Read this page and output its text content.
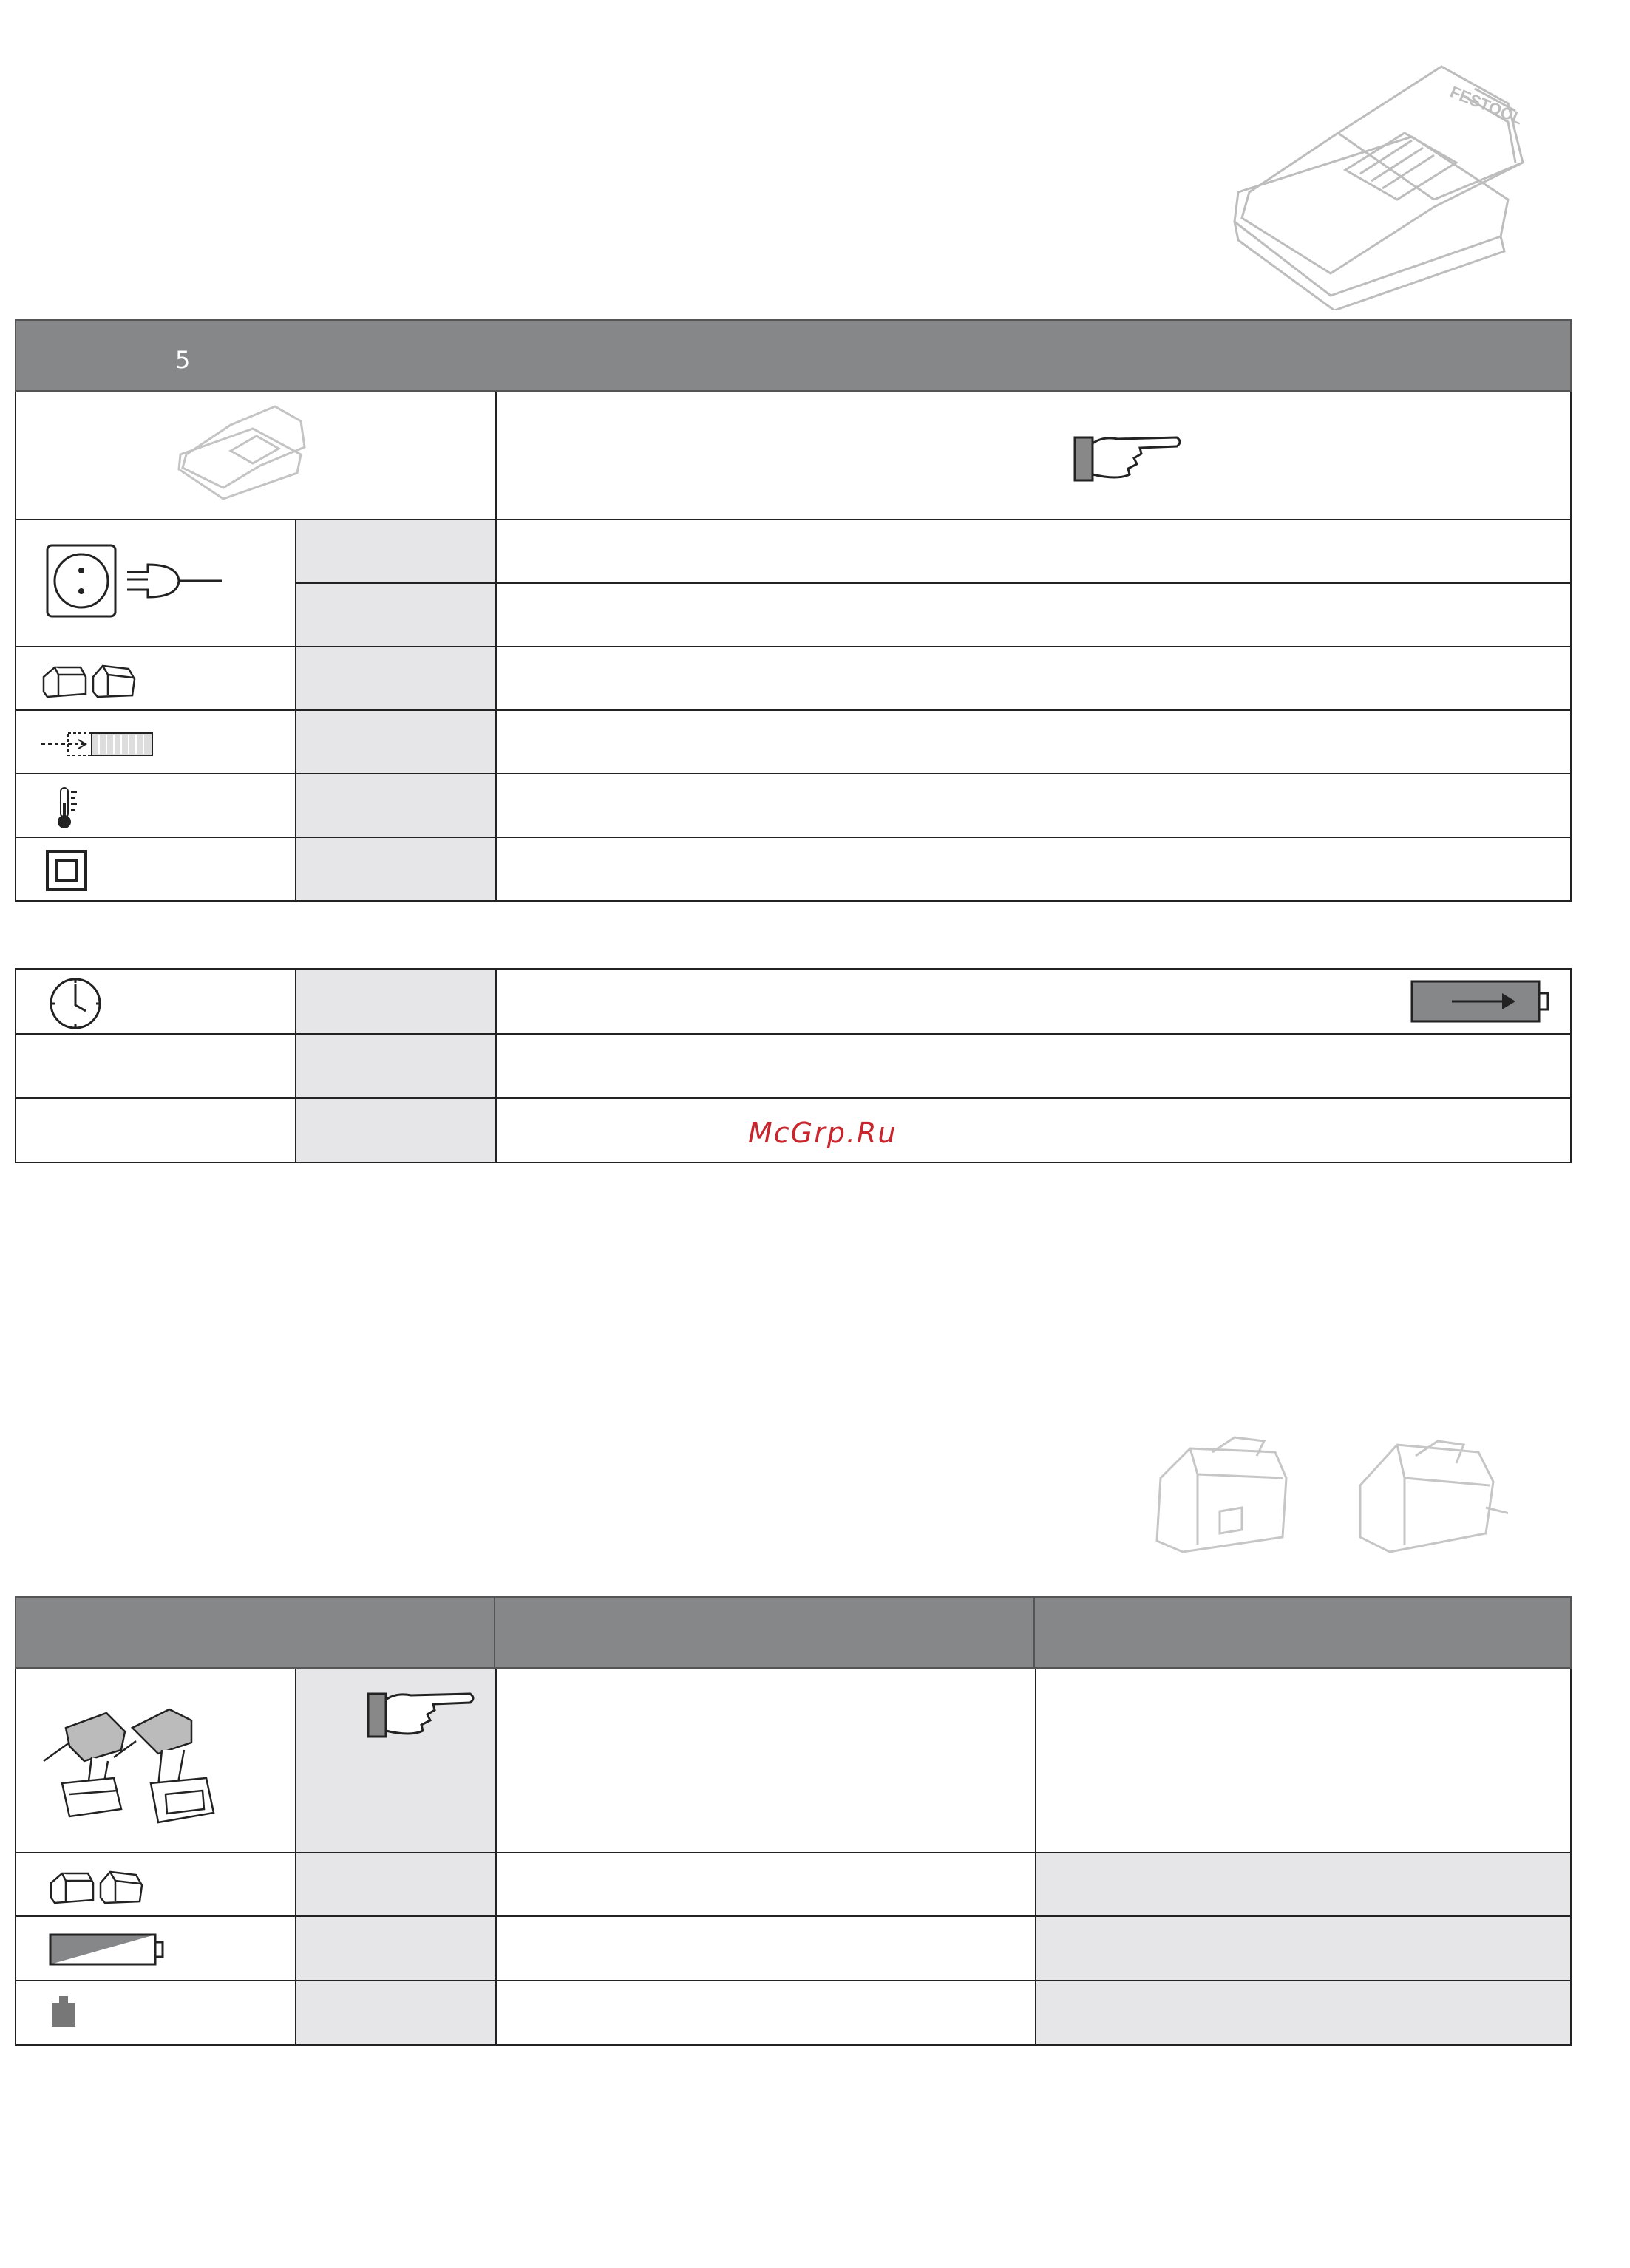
FESTOOL
5
McGrp.Ru
